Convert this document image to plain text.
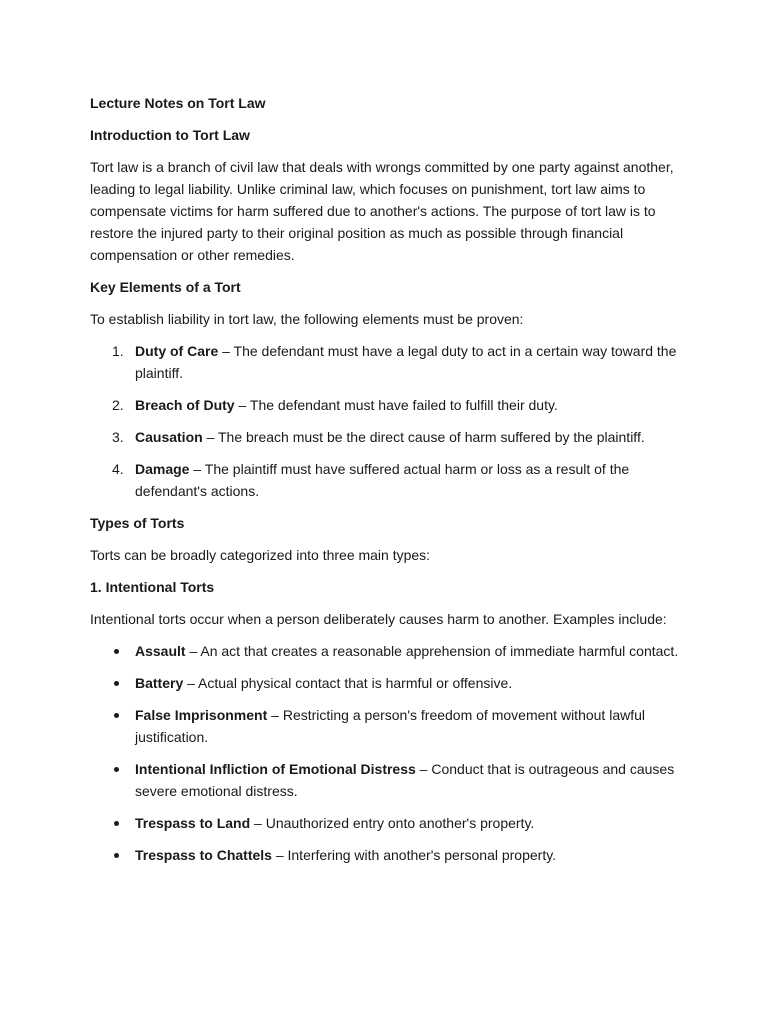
Lecture Notes on Tort Law

Introduction to Tort Law

Tort law is a branch of civil law that deals with wrongs committed by one party against another, leading to legal liability. Unlike criminal law, which focuses on punishment, tort law aims to compensate victims for harm suffered due to another's actions. The purpose of tort law is to restore the injured party to their original position as much as possible through financial compensation or other remedies.

Key Elements of a Tort

To establish liability in tort law, the following elements must be proven:

1. Duty of Care – The defendant must have a legal duty to act in a certain way toward the plaintiff.
2. Breach of Duty – The defendant must have failed to fulfill their duty.
3. Causation – The breach must be the direct cause of harm suffered by the plaintiff.
4. Damage – The plaintiff must have suffered actual harm or loss as a result of the defendant's actions.

Types of Torts

Torts can be broadly categorized into three main types:

1. Intentional Torts

Intentional torts occur when a person deliberately causes harm to another. Examples include:

Assault – An act that creates a reasonable apprehension of immediate harmful contact.
Battery – Actual physical contact that is harmful or offensive.
False Imprisonment – Restricting a person's freedom of movement without lawful justification.
Intentional Infliction of Emotional Distress – Conduct that is outrageous and causes severe emotional distress.
Trespass to Land – Unauthorized entry onto another's property.
Trespass to Chattels – Interfering with another's personal property.
